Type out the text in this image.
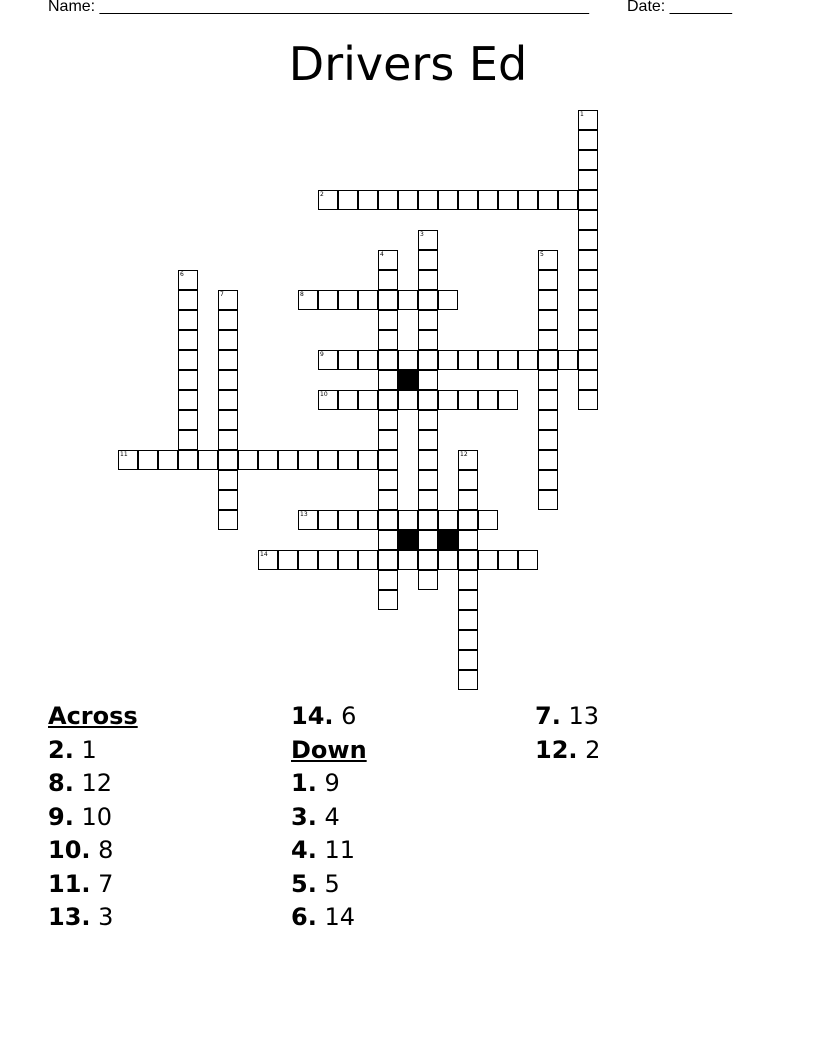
Name: _______________________________________________________ Date: _______
Drivers Ed
1
2
3
4	5
6
7	8
9
10
11	12
13
14
Across
2. 1
8. 12
9. 10
10. 8
11. 7
13. 3
14. 6
Down
1. 9
3. 4
4. 11
5. 5
6. 14
7. 13
12. 2
